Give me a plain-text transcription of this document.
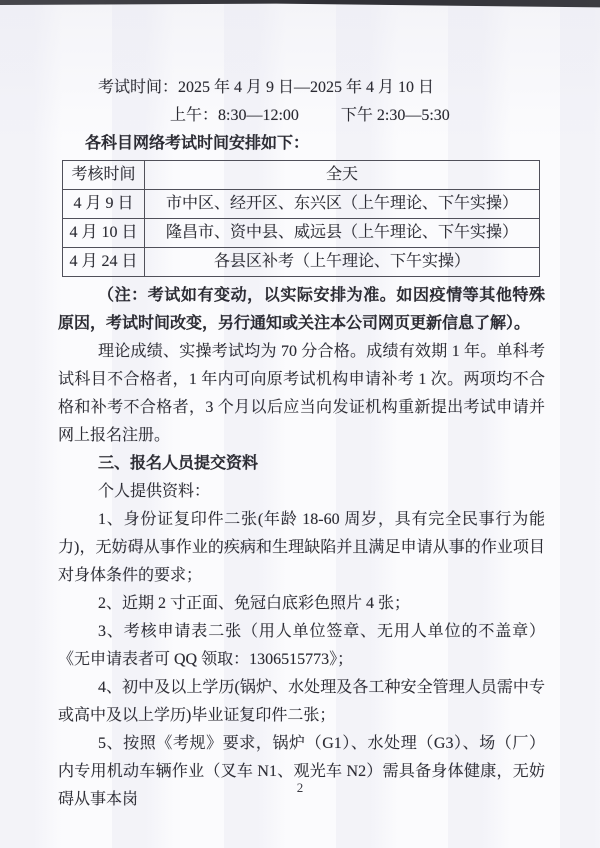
考试时间：2025 年 4 月 9 日—2025 年 4 月 10 日

上午：8:30—12:00	下午 2:30—5:30

各科目网络考试时间安排如下：

考核时间	全天
4 月 9 日	市中区、经开区、东兴区（上午理论、下午实操）
4 月 10 日	隆昌市、资中县、威远县（上午理论、下午实操）
4 月 24 日	各县区补考（上午理论、下午实操）

（注：考试如有变动，以实际安排为准。如因疫情等其他特殊原因，考试时间改变，另行通知或关注本公司网页更新信息了解）。

理论成绩、实操考试均为 70 分合格。成绩有效期 1 年。单科考试科目不合格者，1 年内可向原考试机构申请补考 1 次。两项均不合格和补考不合格者，3 个月以后应当向发证机构重新提出考试申请并网上报名注册。

三、报名人员提交资料

个人提供资料：

1、身份证复印件二张(年龄 18-60 周岁，具有完全民事行为能力)，无妨碍从事作业的疾病和生理缺陷并且满足申请从事的作业项目对身体条件的要求；

2、近期 2 寸正面、免冠白底彩色照片 4 张；

3、考核申请表二张（用人单位签章、无用人单位的不盖章）《无申请表者可 QQ 领取：1306515773》；

4、初中及以上学历(锅炉、水处理及各工种安全管理人员需中专或高中及以上学历)毕业证复印件二张；

5、按照《考规》要求，锅炉（G1）、水处理（G3）、场（厂）内专用机动车辆作业（叉车 N1、观光车 N2）需具备身体健康，无妨碍从事本岗

2
